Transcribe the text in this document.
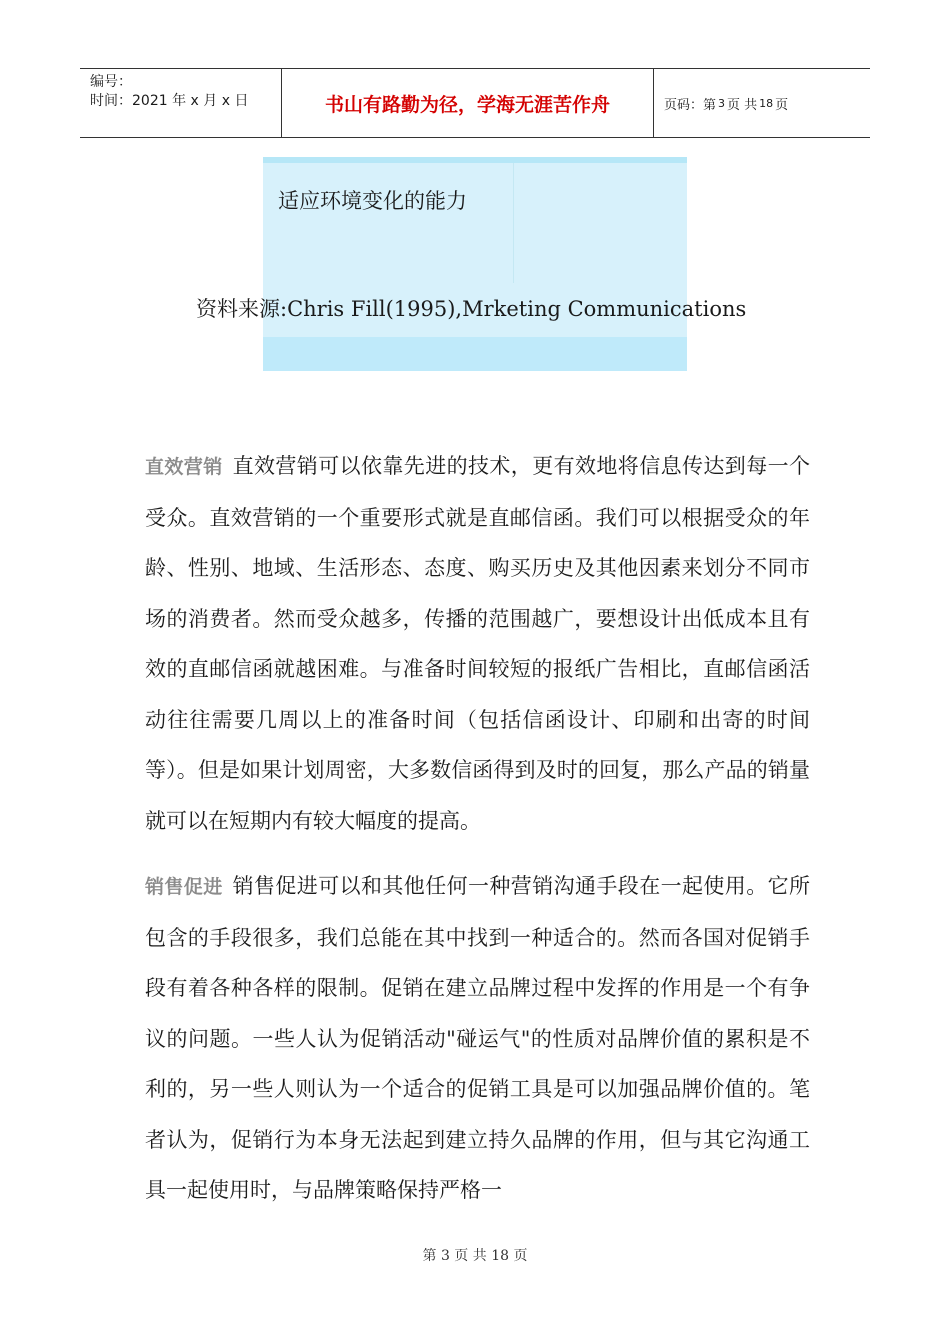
编号：
时间：2021 年 x 月 x 日	书山有路勤为径，学海无涯苦作舟	页码：第 3 页 共 18 页
适应环境变化的能力
资料来源:Chris Fill(1995),Mrketing Communications
直效营销 直效营销可以依靠先进的技术，更有效地将信息传达到每一个受众。直效营销的一个重要形式就是直邮信函。我们可以根据受众的年龄、性别、地域、生活形态、态度、购买历史及其他因素来划分不同市场的消费者。然而受众越多，传播的范围越广，要想设计出低成本且有效的直邮信函就越困难。与准备时间较短的报纸广告相比，直邮信函活动往往需要几周以上的准备时间（包括信函设计、印刷和出寄的时间等）。但是如果计划周密，大多数信函得到及时的回复，那么产品的销量就可以在短期内有较大幅度的提高。
销售促进 销售促进可以和其他任何一种营销沟通手段在一起使用。它所包含的手段很多，我们总能在其中找到一种适合的。然而各国对促销手段有着各种各样的限制。促销在建立品牌过程中发挥的作用是一个有争议的问题。一些人认为促销活动"碰运气"的性质对品牌价值的累积是不利的，另一些人则认为一个适合的促销工具是可以加强品牌价值的。笔者认为，促销行为本身无法起到建立持久品牌的作用，但与其它沟通工具一起使用时，与品牌策略保持严格一
第 3 页 共 18 页
